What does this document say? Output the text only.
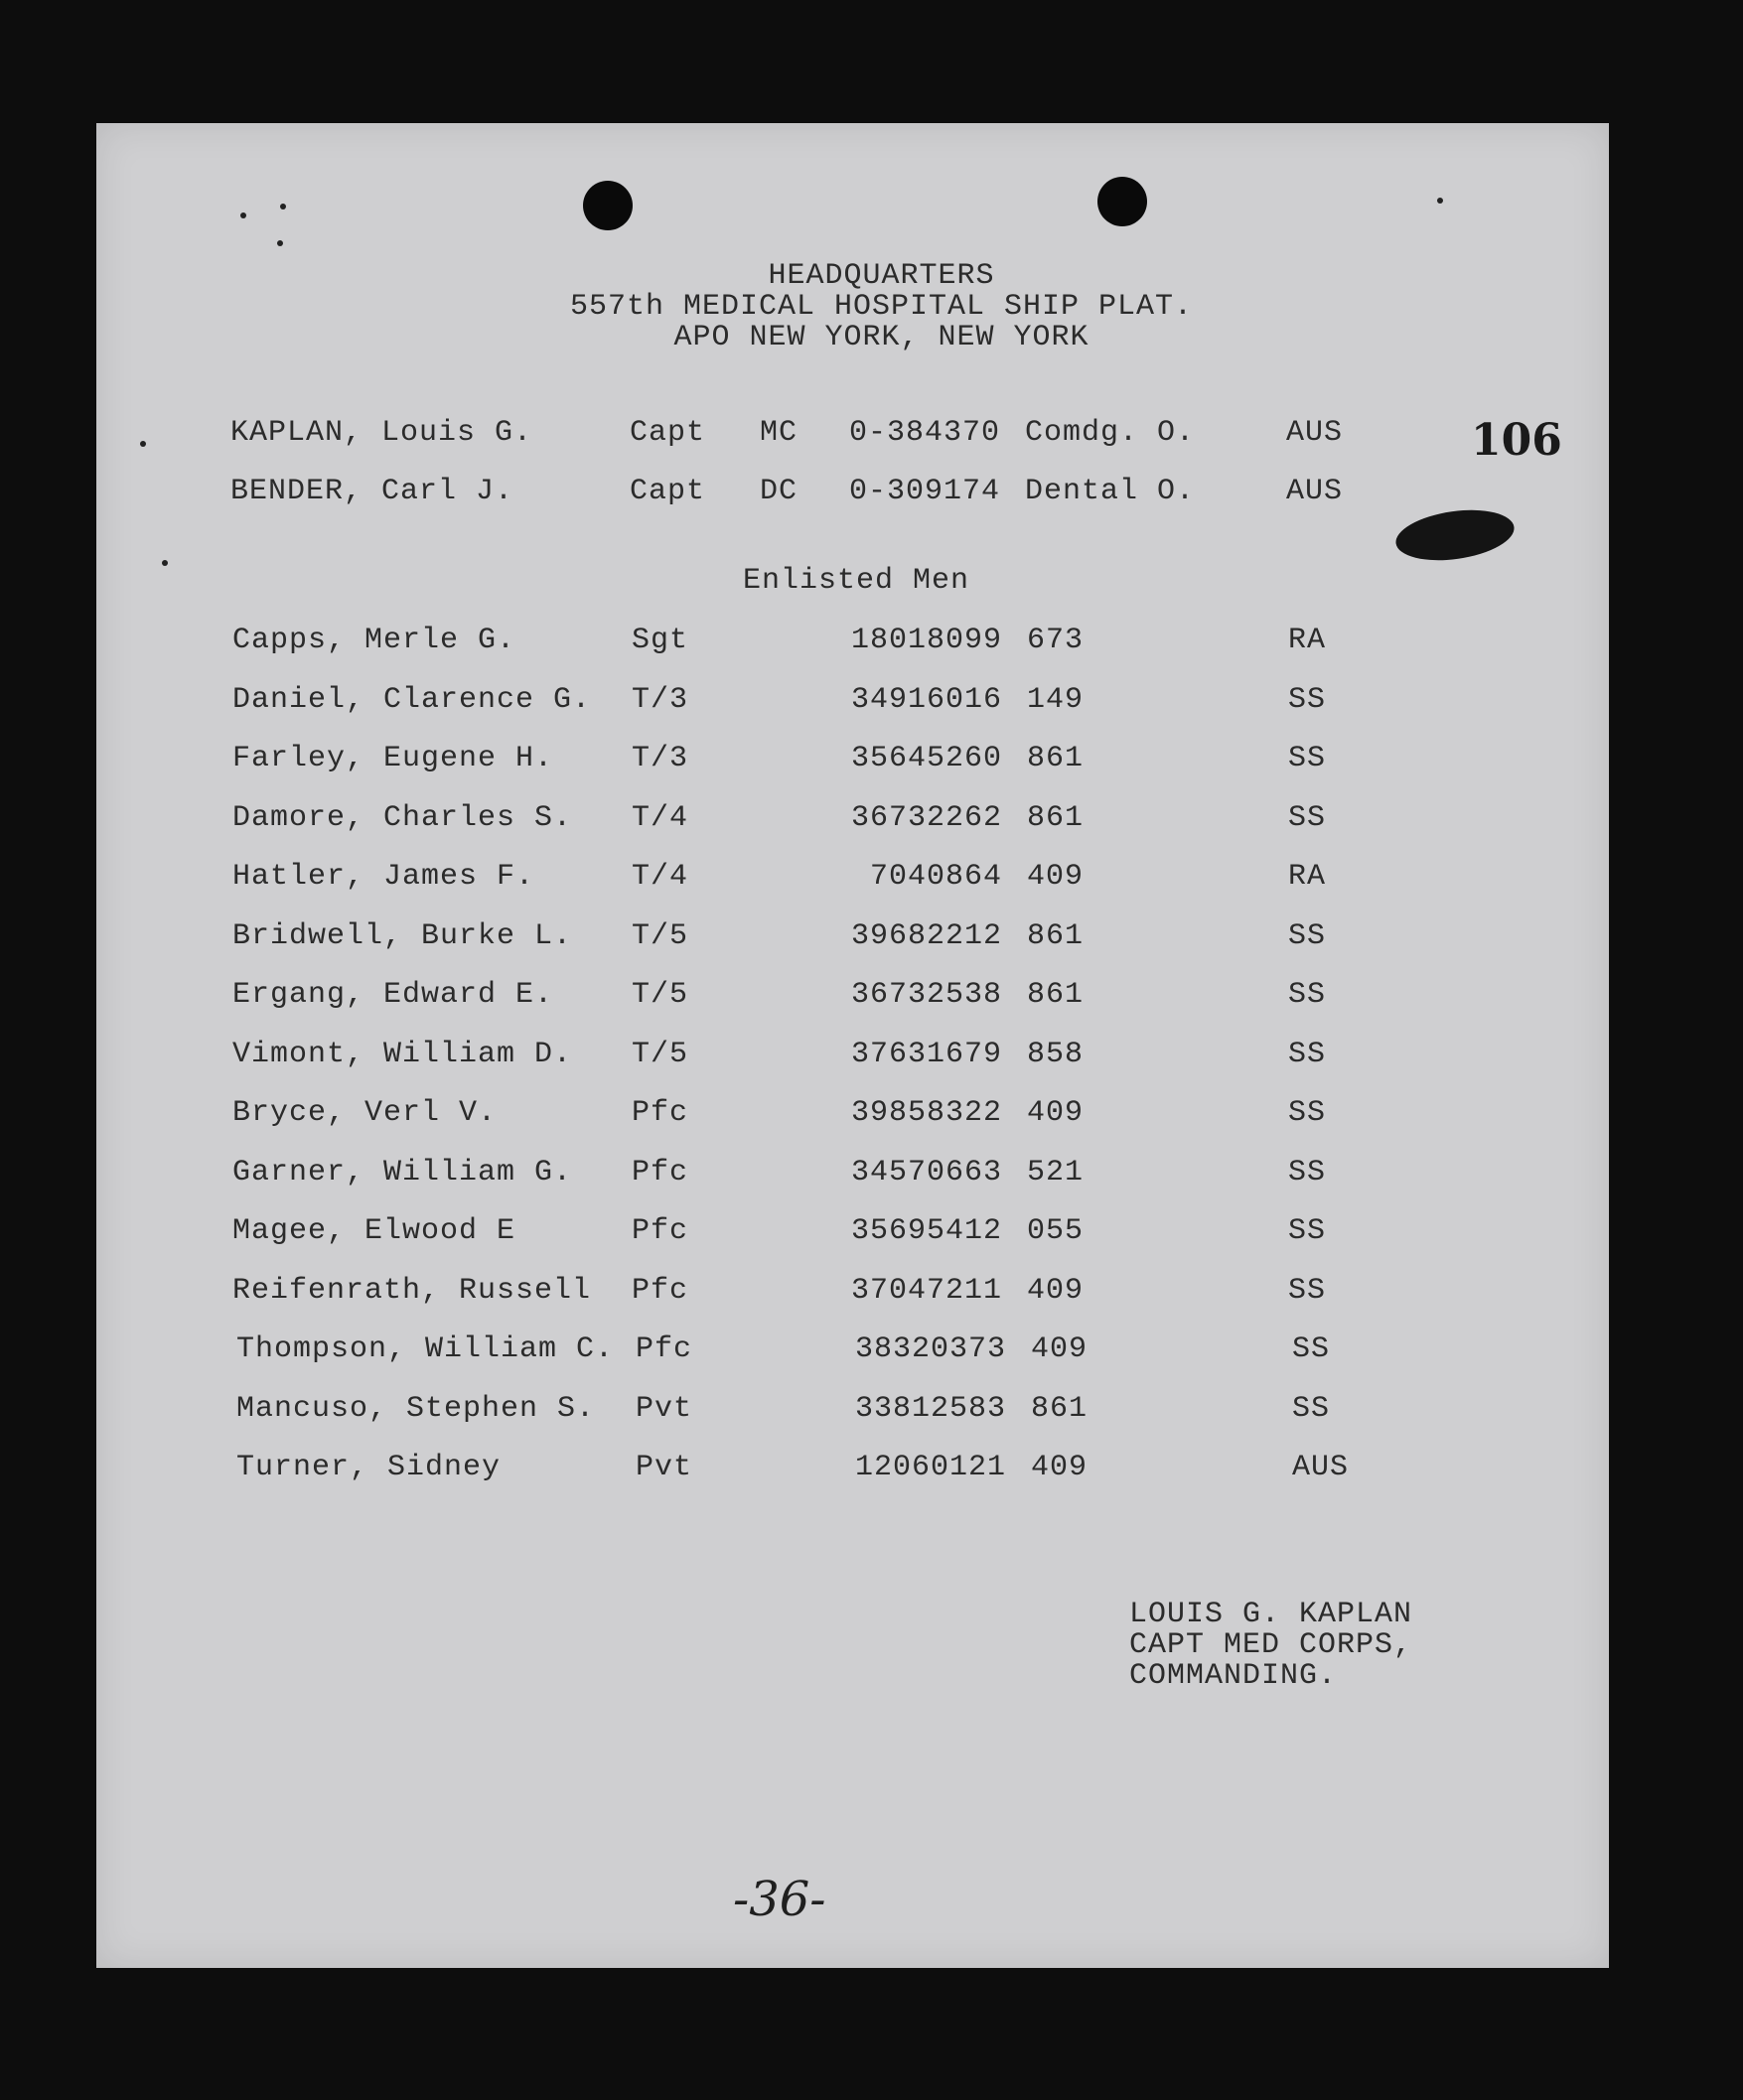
HEADQUARTERS
557th MEDICAL HOSPITAL SHIP PLAT.
APO NEW YORK, NEW YORK
106
KAPLAN, Louis G.	Capt MC	0-384370 Comdg. O.	AUS
BENDER, Carl J.	Capt DC	0-309174 Dental O.	AUS
Enlisted Men
Capps, Merle G.	Sgt	18018099 673	RA
Daniel, Clarence G. T/3	34916016 149	SS
Farley, Eugene H.	T/3	35645260 861	SS
Damore, Charles S. T/4	36732262 861	SS
Hatler, James F.	T/4	7040864 409	RA
Bridwell, Burke L. T/5	39682212 861	SS
Ergang, Edward E.	T/5	36732538 861	SS
Vimont, William D. T/5	37631679 858	SS
Bryce, Verl V.	Pfc	39858322 409	SS
Garner, William G. Pfc	34570663 521	SS
Magee, Elwood E	Pfc	35695412 055	SS
Reifenrath, Russell Pfc	37047211 409	SS
Thompson, William C. Pfc	38320373 409	SS
Mancuso, Stephen S. Pvt	33812583 861	SS
Turner, Sidney	Pvt	12060121 409	AUS
LOUIS G. KAPLAN
CAPT MED CORPS,
COMMANDING.
-36-
